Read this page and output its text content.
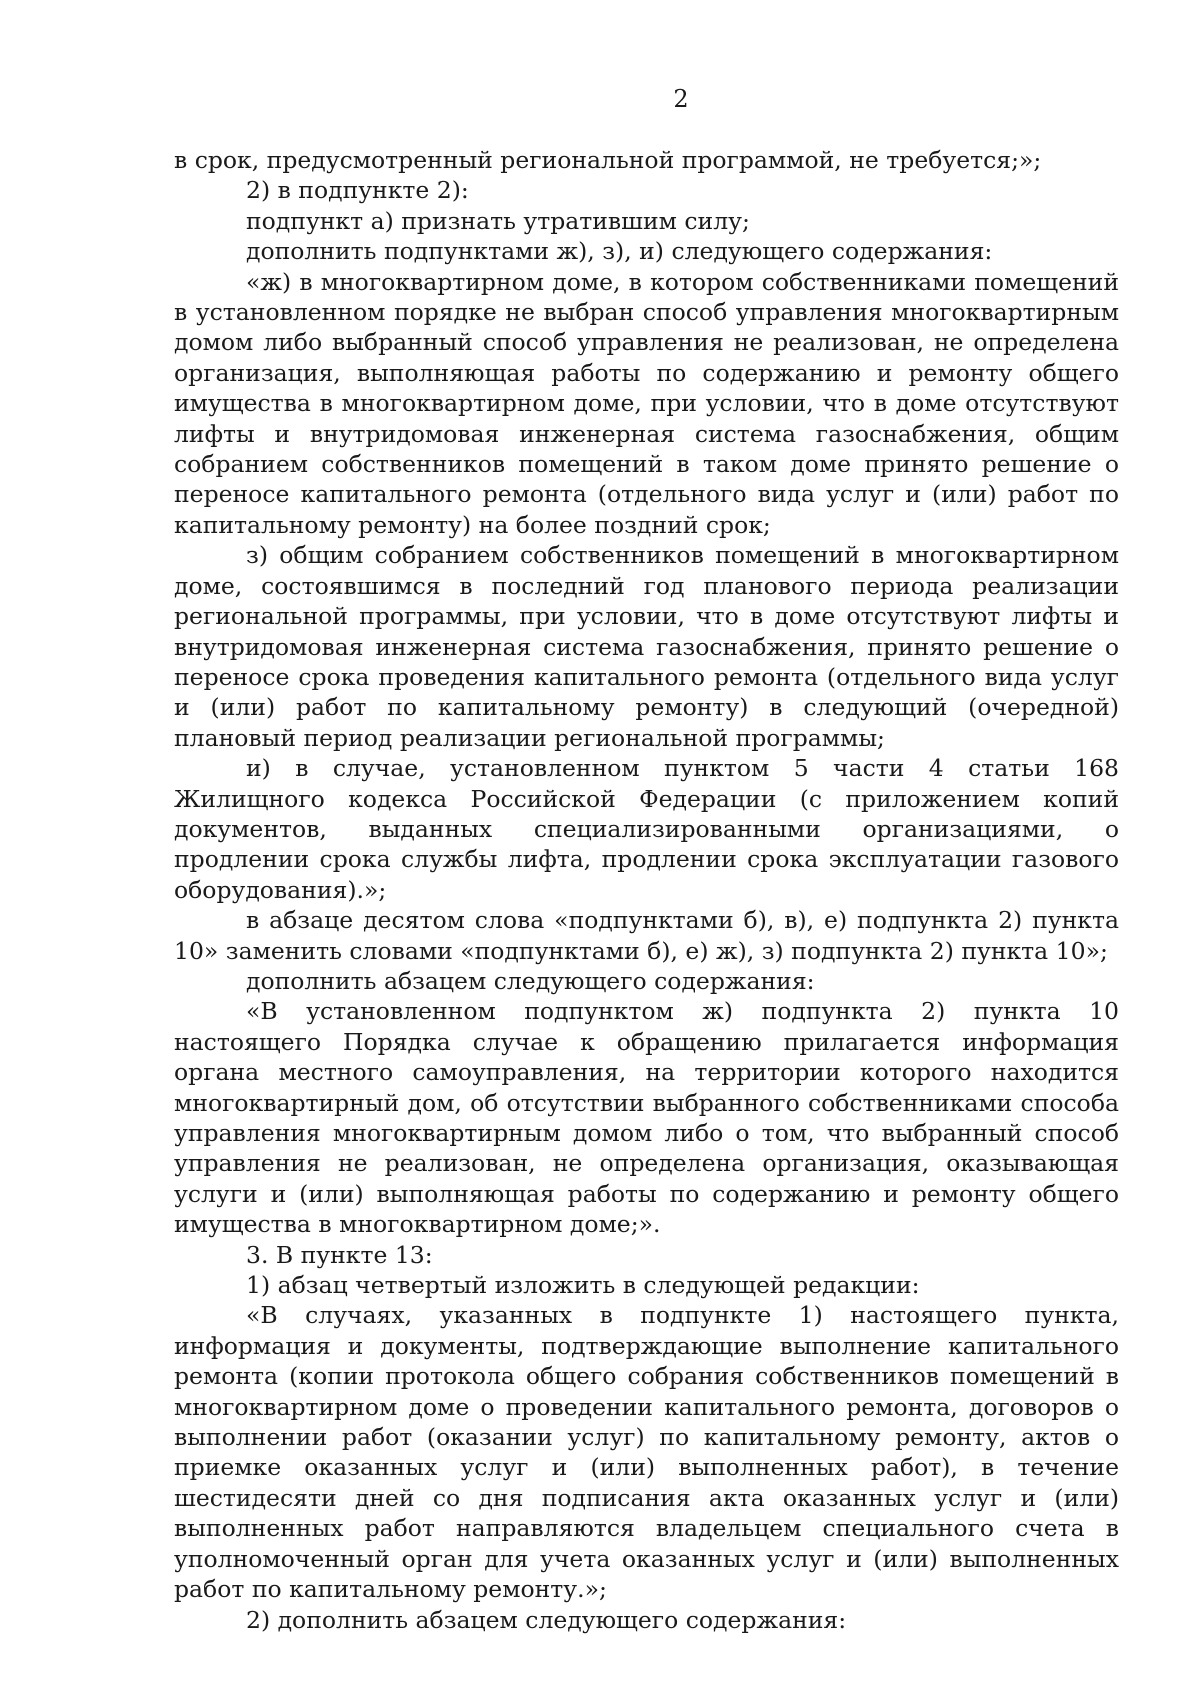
2

в срок, предусмотренный региональной программой, не требуется;»;

2) в подпункте 2):

подпункт а) признать утратившим силу;

дополнить подпунктами ж), з), и) следующего содержания:

«ж) в многоквартирном доме, в котором собственниками помещений в установленном порядке не выбран способ управления многоквартирным домом либо выбранный способ управления не реализован, не определена организация, выполняющая работы по содержанию и ремонту общего имущества в многоквартирном доме, при условии, что в доме отсутствуют лифты и внутридомовая инженерная система газоснабжения, общим собранием собственников помещений в таком доме принято решение о переносе капитального ремонта (отдельного вида услуг и (или) работ по капитальному ремонту) на более поздний срок;

з) общим собранием собственников помещений в многоквартирном доме, состоявшимся в последний год планового периода реализации региональной программы, при условии, что в доме отсутствуют лифты и внутридомовая инженерная система газоснабжения, принято решение о переносе срока проведения капитального ремонта (отдельного вида услуг и (или) работ по капитальному ремонту) в следующий (очередной) плановый период реализации региональной программы;

и) в случае, установленном пунктом 5 части 4 статьи 168 Жилищного кодекса Российской Федерации (с приложением копий документов, выданных специализированными организациями, о продлении срока службы лифта, продлении срока эксплуатации газового оборудования).»;

в абзаце десятом слова «подпунктами б), в), е) подпункта 2) пункта 10» заменить словами «подпунктами б), е) ж), з) подпункта 2) пункта 10»;

дополнить абзацем следующего содержания:

«В установленном подпунктом ж) подпункта 2) пункта 10 настоящего Порядка случае к обращению прилагается информация органа местного самоуправления, на территории которого находится многоквартирный дом, об отсутствии выбранного собственниками способа управления многоквартирным домом либо о том, что выбранный способ управления не реализован, не определена организация, оказывающая услуги и (или) выполняющая работы по содержанию и ремонту общего имущества в многоквартирном доме;».

3. В пункте 13:

1) абзац четвертый изложить в следующей редакции:

«В случаях, указанных в подпункте 1) настоящего пункта, информация и документы, подтверждающие выполнение капитального ремонта (копии протокола общего собрания собственников помещений в многоквартирном доме о проведении капитального ремонта, договоров о выполнении работ (оказании услуг) по капитальному ремонту, актов о приемке оказанных услуг и (или) выполненных работ), в течение шестидесяти дней со дня подписания акта оказанных услуг и (или) выполненных работ направляются владельцем специального счета в уполномоченный орган для учета оказанных услуг и (или) выполненных работ по капитальному ремонту.»;

2) дополнить абзацем следующего содержания:
